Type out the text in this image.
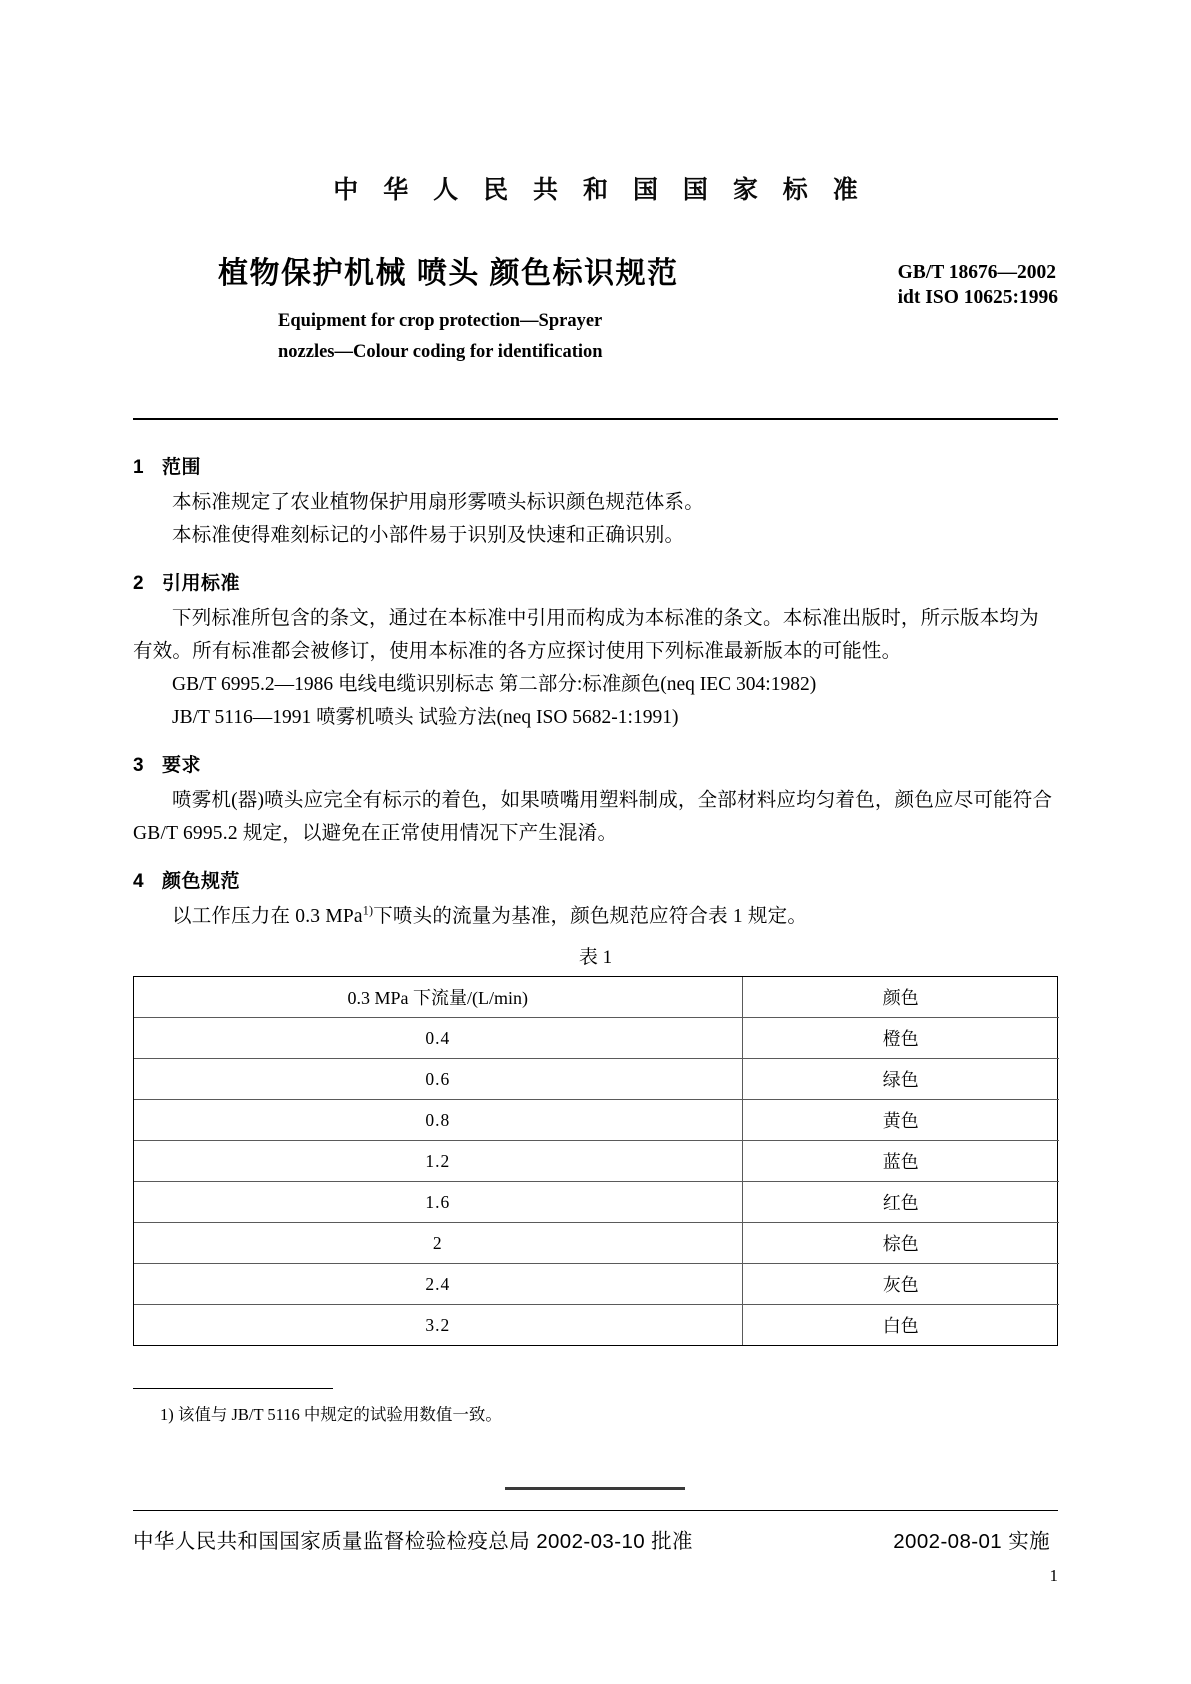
中 华 人 民 共 和 国 国 家 标 准
植物保护机械 喷头 颜色标识规范
Equipment for crop protection—Sprayer
nozzles—Colour coding for identification
GB/T 18676—2002
idt ISO 10625:1996
1 范围

本标准规定了农业植物保护用扇形雾喷头标识颜色规范体系。

本标准使得难刻标记的小部件易于识别及快速和正确识别。

2 引用标准

下列标准所包含的条文，通过在本标准中引用而构成为本标准的条文。本标准出版时，所示版本均为有效。所有标准都会被修订，使用本标准的各方应探讨使用下列标准最新版本的可能性。

GB/T 6995.2—1986 电线电缆识别标志 第二部分:标准颜色(neq IEC 304:1982)

JB/T 5116—1991 喷雾机喷头 试验方法(neq ISO 5682-1:1991)

3 要求

喷雾机(器)喷头应完全有标示的着色，如果喷嘴用塑料制成，全部材料应均匀着色，颜色应尽可能符合 GB/T 6995.2 规定，以避免在正常使用情况下产生混淆。

4 颜色规范

以工作压力在 0.3 MPa$^{1)}$下喷头的流量为基准，颜色规范应符合表 1 规定。

表 1
0.3 MPa 下流量/(L/min)	颜色
0.4	橙色
0.6	绿色
0.8	黄色
1.2	蓝色
1.6	红色
2	棕色
2.4	灰色
3.2	白色

1) 该值与 JB/T 5116 中规定的试验用数值一致。

中华人民共和国国家质量监督检验检疫总局 2002-03-10 批准	2002-08-01 实施
1
